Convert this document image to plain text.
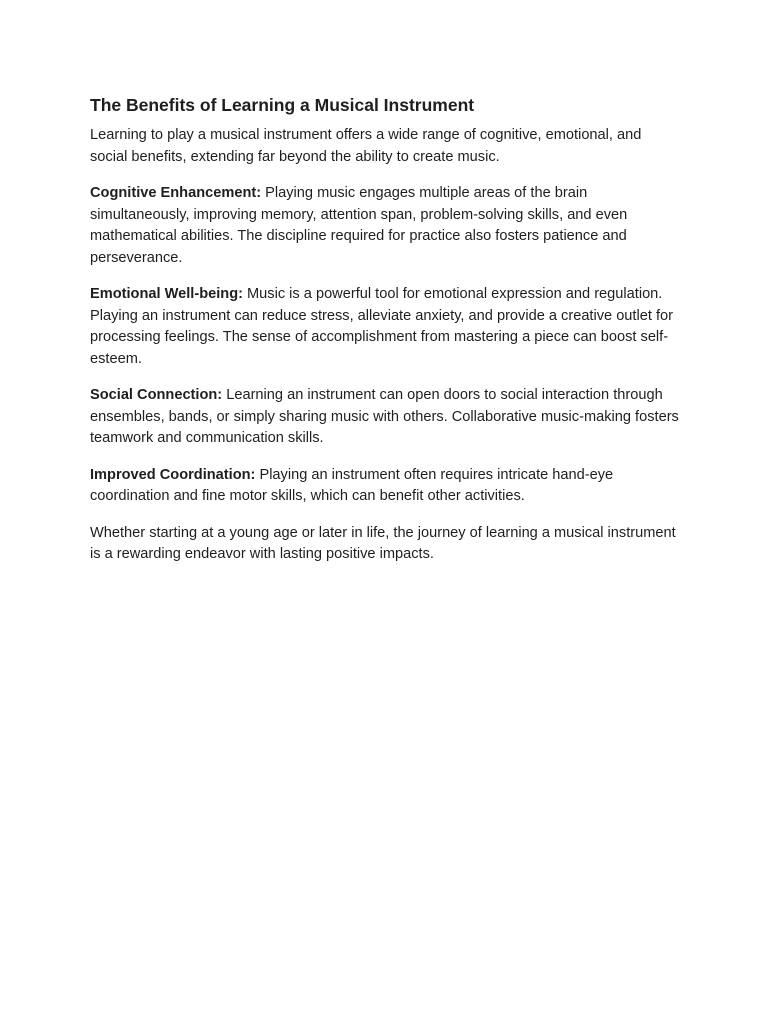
The Benefits of Learning a Musical Instrument

Learning to play a musical instrument offers a wide range of cognitive, emotional, and social benefits, extending far beyond the ability to create music.

Cognitive Enhancement: Playing music engages multiple areas of the brain simultaneously, improving memory, attention span, problem-solving skills, and even mathematical abilities. The discipline required for practice also fosters patience and perseverance.

Emotional Well-being: Music is a powerful tool for emotional expression and regulation. Playing an instrument can reduce stress, alleviate anxiety, and provide a creative outlet for processing feelings. The sense of accomplishment from mastering a piece can boost self-esteem.

Social Connection: Learning an instrument can open doors to social interaction through ensembles, bands, or simply sharing music with others. Collaborative music-making fosters teamwork and communication skills.

Improved Coordination: Playing an instrument often requires intricate hand-eye coordination and fine motor skills, which can benefit other activities.

Whether starting at a young age or later in life, the journey of learning a musical instrument is a rewarding endeavor with lasting positive impacts.
